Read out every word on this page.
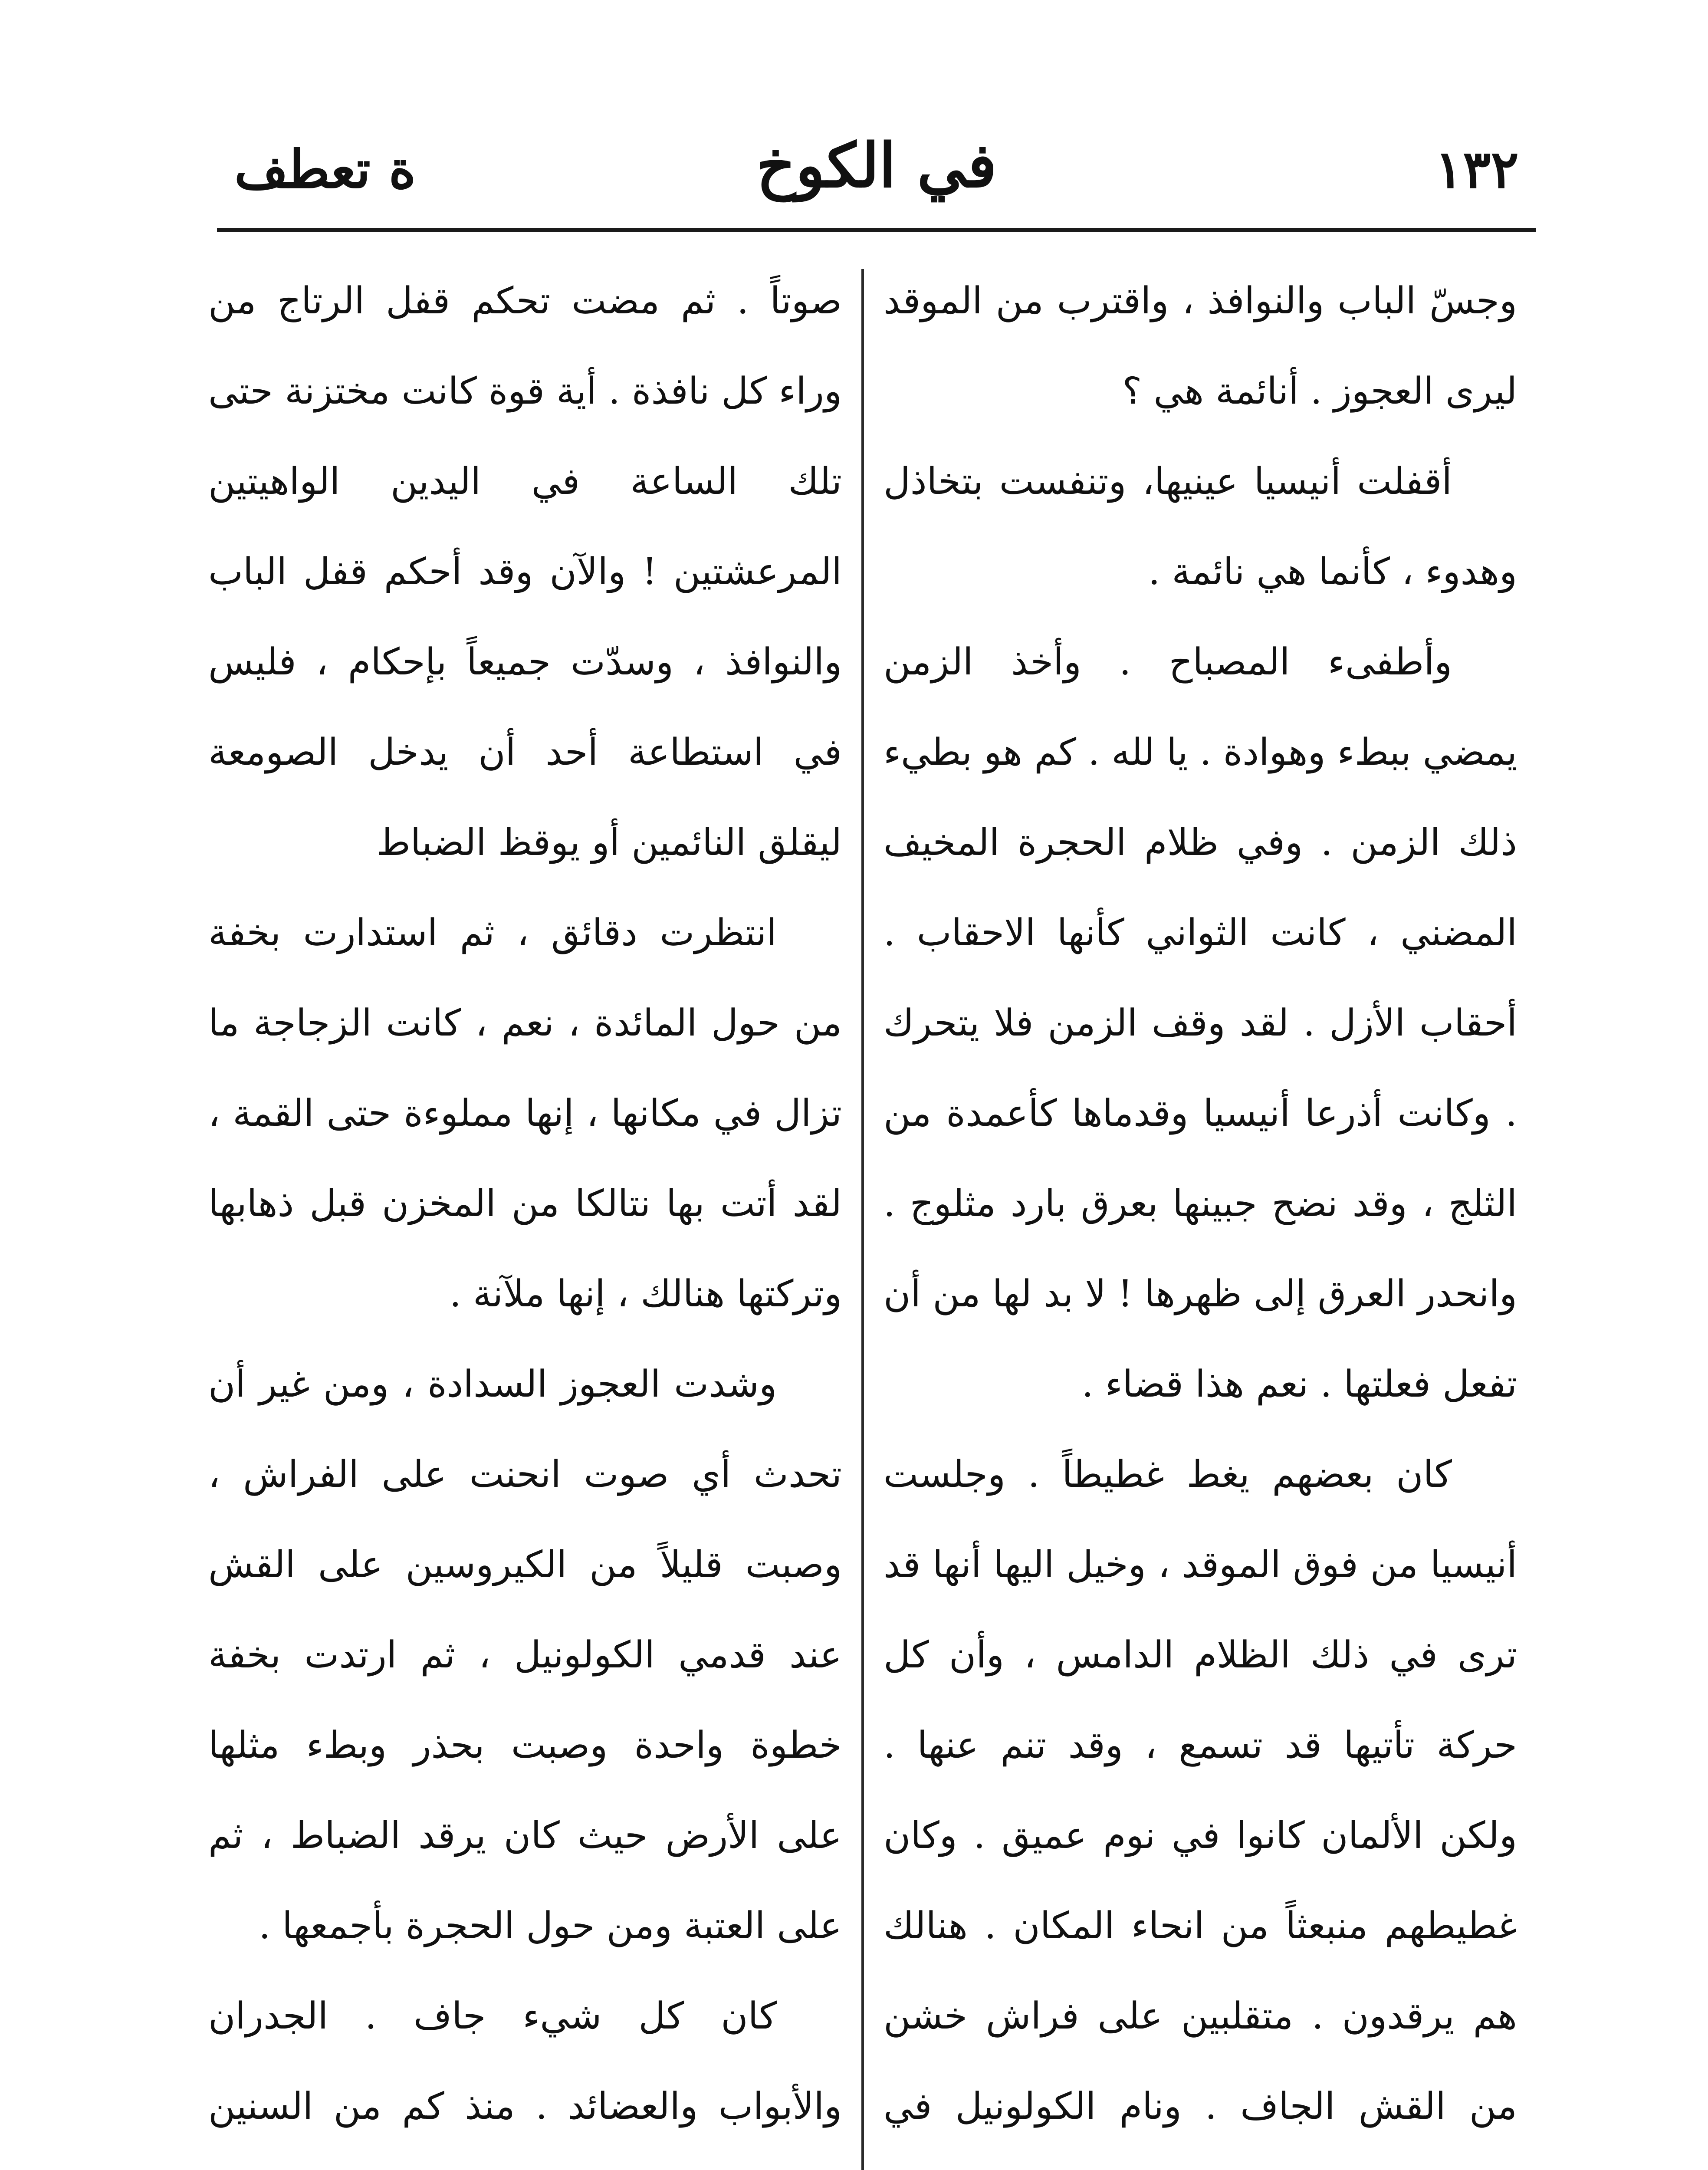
١٣٢
في الكوخ
ة تعطف

وجسّ الباب والنوافذ ، واقترب من الموقد ليرى العجوز . أنائمة هي ؟

أقفلت أنيسيا عينيها، وتنفست بتخاذل وهدوء ، كأنما هي نائمة .

وأطفىء المصباح . وأخذ الزمن يمضي ببطء وهوادة . يا لله . كم هو بطيء ذلك الزمن . وفي ظلام الحجرة المخيف المضني ، كانت الثواني كأنها الاحقاب . أحقاب الأزل . لقد وقف الزمن فلا يتحرك . وكانت أذرعا أنيسيا وقدماها كأعمدة من الثلج ، وقد نضح جبينها بعرق بارد مثلوج . وانحدر العرق إلى ظهرها ! لا بد لها من أن تفعل فعلتها . نعم هذا قضاء .

كان بعضهم يغط غطيطاً . وجلست أنيسيا من فوق الموقد ، وخيل اليها أنها قد ترى في ذلك الظلام الدامس ، وأن كل حركة تأتيها قد تسمع ، وقد تنم عنها . ولكن الألمان كانوا في نوم عميق . وكان غطيطهم منبعثاً من انحاء المكان . هنالك هم يرقدون . متقلبين على فراش خشن من القش الجاف . ونام الكولونيل في

صوتاً . ثم مضت تحكم قفل الرتاج من وراء كل نافذة . أية قوة كانت مختزنة حتى تلك الساعة في اليدين الواهيتين المرعشتين ! والآن وقد أحكم قفل الباب والنوافذ ، وسدّت جميعاً بإحكام ، فليس في استطاعة أحد أن يدخل الصومعة ليقلق النائمين أو يوقظ الضباط

انتظرت دقائق ، ثم استدارت بخفة من حول المائدة ، نعم ، كانت الزجاجة ما تزال في مكانها ، إنها مملوءة حتى القمة ، لقد أتت بها نتالكا من المخزن قبل ذهابها وتركتها هنالك ، إنها ملآنة .

وشدت العجوز السدادة ، ومن غير أن تحدث أي صوت انحنت على الفراش ، وصبت قليلاً من الكيروسين على القش عند قدمي الكولونيل ، ثم ارتدت بخفة خطوة واحدة وصبت بحذر وبطء مثلها على الأرض حيث كان يرقد الضباط ، ثم على العتبة ومن حول الحجرة بأجمعها .

كان كل شيء جاف . الجدران والأبواب والعضائد . منذ كم من السنين
